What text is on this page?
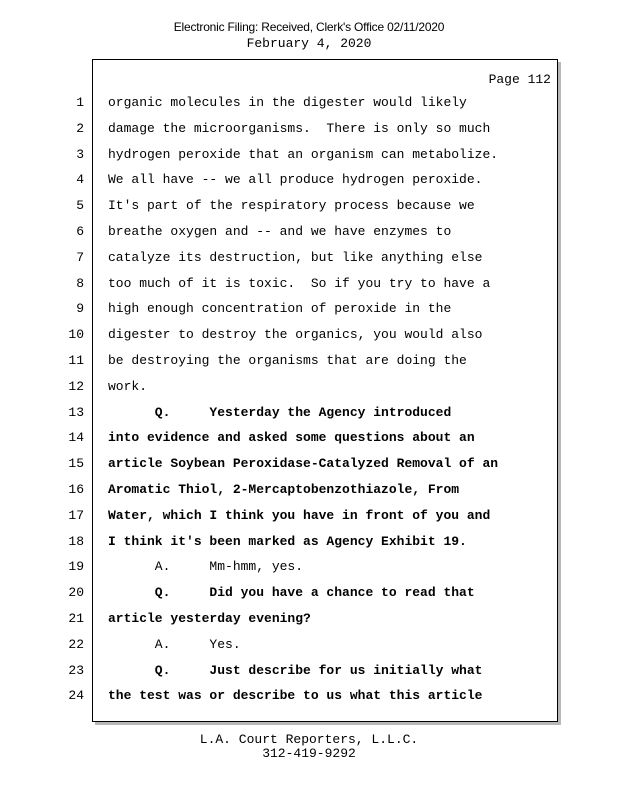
Electronic Filing: Received, Clerk's Office 02/11/2020
February 4, 2020
Page 112
1 organic molecules in the digester would likely
2 damage the microorganisms.  There is only so much
3 hydrogen peroxide that an organism can metabolize.
4 We all have -- we all produce hydrogen peroxide.
5 It's part of the respiratory process because we
6 breathe oxygen and -- and we have enzymes to
7 catalyze its destruction, but like anything else
8 too much of it is toxic.  So if you try to have a
9 high enough concentration of peroxide in the
10 digester to destroy the organics, you would also
11 be destroying the organisms that are doing the
12 work.
13 Q.     Yesterday the Agency introduced
14 into evidence and asked some questions about an
15 article Soybean Peroxidase-Catalyzed Removal of an
16 Aromatic Thiol, 2-Mercaptobenzothiazole, From
17 Water, which I think you have in front of you and
18 I think it's been marked as Agency Exhibit 19.
19 A.     Mm-hmm, yes.
20 Q.     Did you have a chance to read that
21 article yesterday evening?
22 A.     Yes.
23 Q.     Just describe for us initially what
24 the test was or describe to us what this article
L.A. Court Reporters, L.L.C.
312-419-9292
